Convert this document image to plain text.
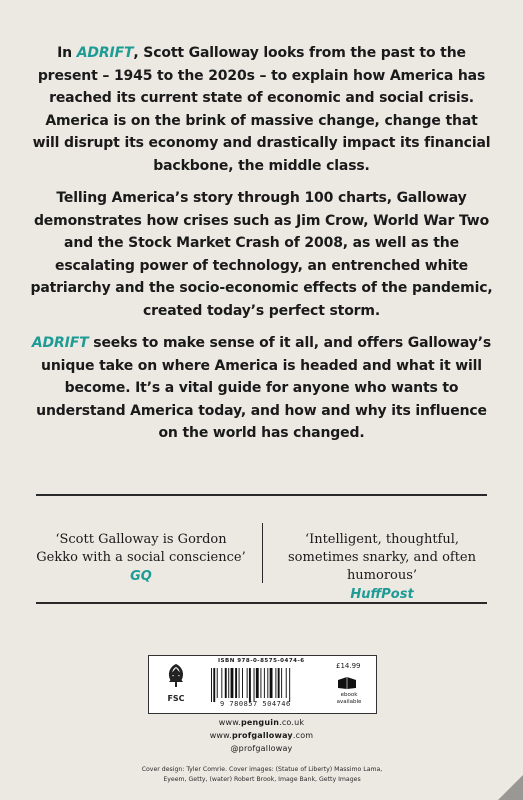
In ADRIFT, Scott Galloway looks from the past to the present – 1945 to the 2020s – to explain how America has reached its current state of economic and social crisis. America is on the brink of massive change, change that will disrupt its economy and drastically impact its financial backbone, the middle class.
Telling America’s story through 100 charts, Galloway demonstrates how crises such as Jim Crow, World War Two and the Stock Market Crash of 2008, as well as the escalating power of technology, an entrenched white patriarchy and the socio-economic effects of the pandemic, created today’s perfect storm.
ADRIFT seeks to make sense of it all, and offers Galloway’s unique take on where America is headed and what it will become. It’s a vital guide for anyone who wants to understand America today, and how and why its influence on the world has changed.
‘Scott Galloway is Gordon Gekko with a social conscience’
GQ
‘Intelligent, thoughtful, sometimes snarky, and often humorous’
HuffPost
FSC
ISBN 978-0-8575-0474-6
9 780857 504746
£14.99
ebook available
www.penguin.co.uk
www.profgalloway.com
@profgalloway
Cover design: Tyler Comrie. Cover images: (Statue of Liberty) Massimo Lama, Eyeem, Getty, (water) Robert Brook, Image Bank, Getty Images
